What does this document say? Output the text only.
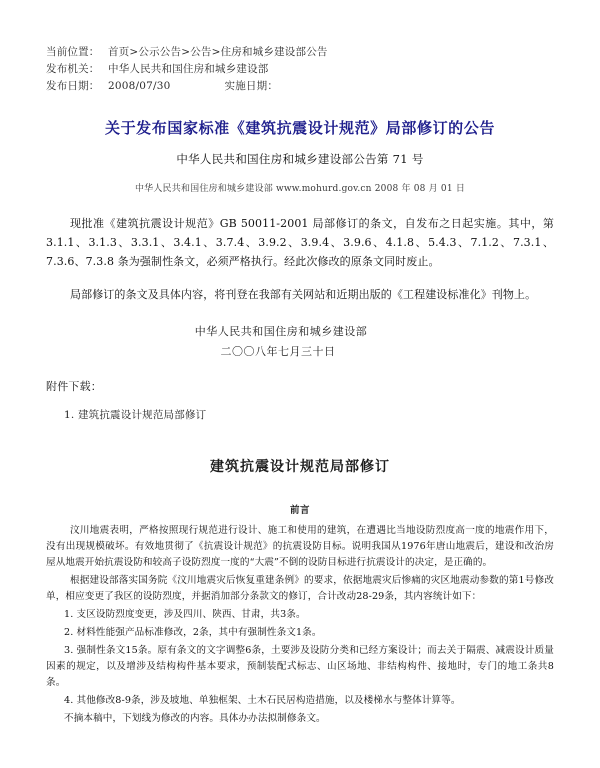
当前位置： 首页>公示公告>公告>住房和城乡建设部公告
发布机关： 中华人民共和国住房和城乡建设部
发布日期： 2008/07/30	实施日期：
关于发布国家标准《建筑抗震设计规范》局部修订的公告
中华人民共和国住房和城乡建设部公告第 71 号
中华人民共和国住房和城乡建设部 www.mohurd.gov.cn 2008 年 08 月 01 日

现批准《建筑抗震设计规范》GB 50011-2001 局部修订的条文，自发布之日起实施。其中，第 3.1.1、3.1.3、3.3.1、3.4.1、3.7.4、3.9.2、3.9.4、3.9.6、4.1.8、5.4.3、7.1.2、7.3.1、7.3.6、7.3.8 条为强制性条文，必须严格执行。经此次修改的原条文同时废止。

局部修订的条文及具体内容，将刊登在我部有关网站和近期出版的《工程建设标准化》刊物上。

中华人民共和国住房和城乡建设部
二〇〇八年七月三十日
附件下载：
1. 建筑抗震设计规范局部修订
建筑抗震设计规范局部修订
前言

汶川地震表明，严格按照现行规范进行设计、施工和使用的建筑，在遭遇比当地设防烈度高一度的地震作用下，没有出现规模破坏。有效地贯彻了《抗震设计规范》的抗震设防目标。说明我国从1976年唐山地震后，建设和改治房屋从地震开始抗震设防和较高子设防烈度一度的“大震”不倒的设防目标进行抗震设计的决定，是正确的。

根据建设部落实国务院《汶川地震灾后恢复重建条例》的要求，依据地震灾后惨痛的灾区地震动参数的第1号修改单，相应变更了我区的设防烈度，并据消加部分条款文的修订，合计改动28-29条，其内容统计如下：

1. 支区设防烈度变更，涉及四川、陕西、甘肃，共3条。

2. 材料性能强产品标准修改，2条，其中有强制性条文1条。

3. 强制性条文15条。原有条文的文字调整6条，土要涉及设防分类和已经方案设计；而去关于隔震、减震设计质量因素的规定，以及增涉及结构构件基本要求，预制装配式标志、山区场地、非结构构件、接地时，专门的地工条共8条。

4. 其他修改8-9条，涉及坡地、单独框架、土木石民居构造措施，以及楼梯水与整体计算等。

不摘本稿中，下划线为修改的内容。具体办办法拟制修条文。
